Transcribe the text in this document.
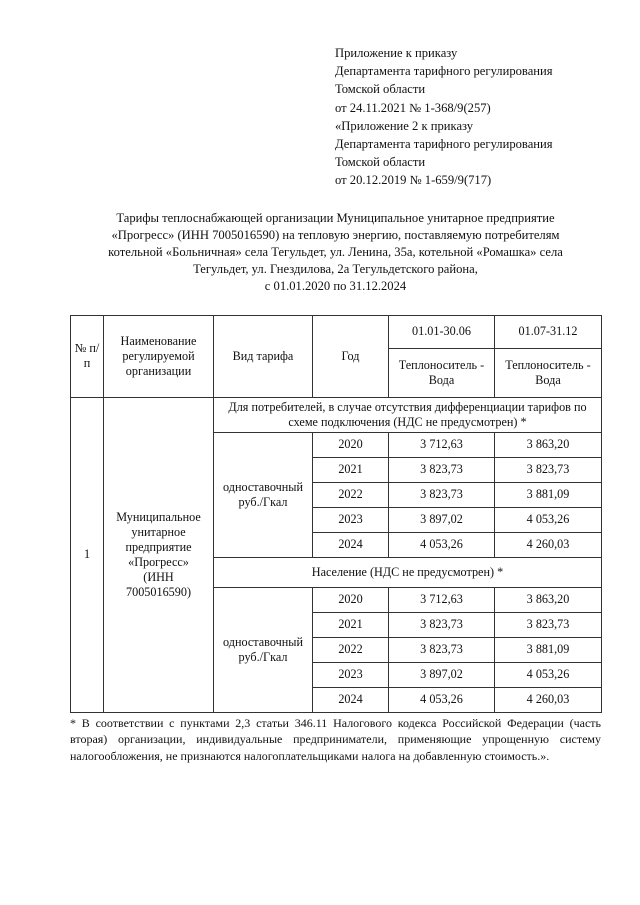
Приложение к приказу
Департамента тарифного регулирования
Томской области
от 24.11.2021 № 1-368/9(257)
«Приложение 2 к приказу
Департамента тарифного регулирования
Томской области
от 20.12.2019 № 1-659/9(717)
Тарифы теплоснабжающей организации Муниципальное унитарное предприятие
«Прогресс» (ИНН 7005016590) на тепловую энергию, поставляемую потребителям
котельной «Больничная» села Тегульдет, ул. Ленина, 35а, котельной «Ромашка» села
Тегульдет, ул. Гнездилова, 2а Тегульдетского района,
с 01.01.2020 по 31.12.2024
№ п/п	Наименование регулируемой организации	Вид тарифа	Год	01.01-30.06	01.07-31.12
				Теплоноситель - Вода	Теплоноситель - Вода
1	Муниципальное унитарное предприятие «Прогресс» (ИНН 7005016590)	Для потребителей, в случае отсутствия дифференциации тарифов по схеме подключения (НДС не предусмотрен) *			
		одноставочный руб./Гкал	2020	3 712,63	3 863,20
			2021	3 823,73	3 823,73
			2022	3 823,73	3 881,09
			2023	3 897,02	4 053,26
			2024	4 053,26	4 260,03
		Население (НДС не предусмотрен) *			
		одноставочный руб./Гкал	2020	3 712,63	3 863,20
			2021	3 823,73	3 823,73
			2022	3 823,73	3 881,09
			2023	3 897,02	4 053,26
			2024	4 053,26	4 260,03
* В соответствии с пунктами 2,3 статьи 346.11 Налогового кодекса Российской Федерации (часть вторая) организации, индивидуальные предприниматели, применяющие упрощенную систему налогообложения, не признаются налогоплательщиками налога на добавленную стоимость.».
